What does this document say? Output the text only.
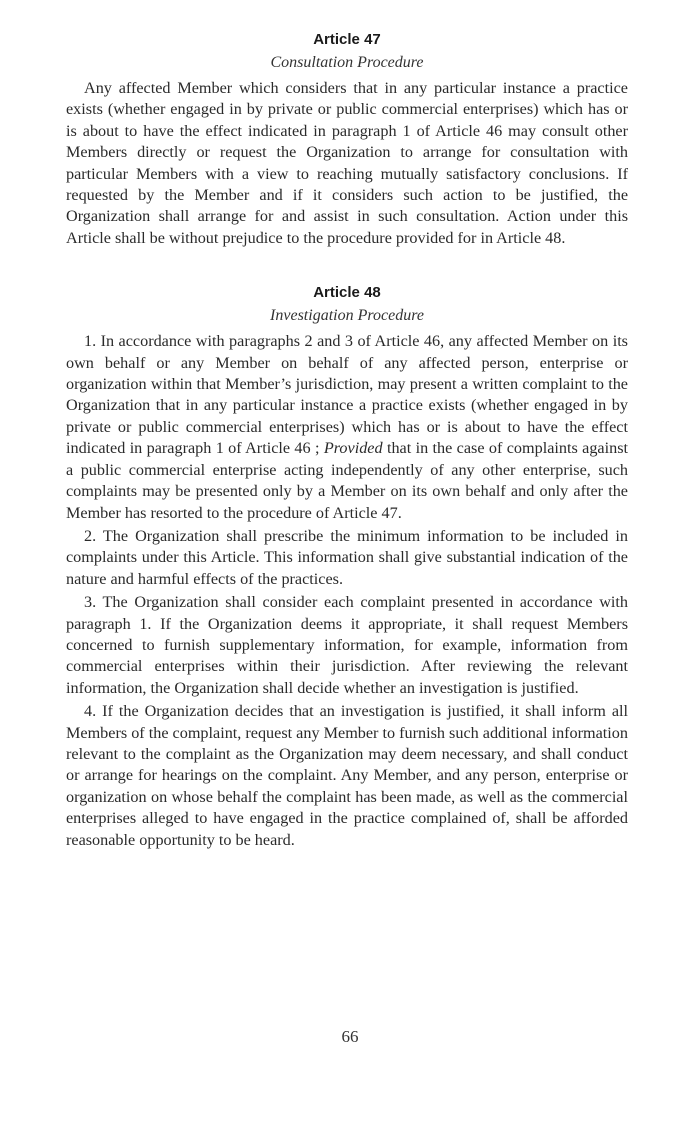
Article 47
Consultation Procedure

Any affected Member which considers that in any particular instance a practice exists (whether engaged in by private or public commercial enterprises) which has or is about to have the effect indicated in paragraph 1 of Article 46 may consult other Members directly or request the Organization to arrange for consultation with particular Members with a view to reaching mutually satisfactory conclusions. If requested by the Member and if it considers such action to be justified, the Organization shall arrange for and assist in such consultation. Action under this Article shall be without prejudice to the procedure provided for in Article 48.

Article 48
Investigation Procedure

1. In accordance with paragraphs 2 and 3 of Article 46, any affected Member on its own behalf or any Member on behalf of any affected person, enterprise or organization within that Member’s jurisdiction, may present a written complaint to the Organization that in any particular instance a practice exists (whether engaged in by private or public commercial enterprises) which has or is about to have the effect indicated in paragraph 1 of Article 46 ; Provided that in the case of complaints against a public commercial enterprise acting independently of any other enterprise, such complaints may be presented only by a Member on its own behalf and only after the Member has resorted to the procedure of Article 47.

2. The Organization shall prescribe the minimum information to be included in complaints under this Article. This information shall give substantial indication of the nature and harmful effects of the practices.

3. The Organization shall consider each complaint presented in accordance with paragraph 1. If the Organization deems it appropriate, it shall request Members concerned to furnish supplementary information, for example, information from commercial enterprises within their jurisdiction. After reviewing the relevant information, the Organization shall decide whether an investigation is justified.

4. If the Organization decides that an investigation is justified, it shall inform all Members of the complaint, request any Member to furnish such additional information relevant to the complaint as the Organization may deem necessary, and shall conduct or arrange for hearings on the complaint. Any Member, and any person, enterprise or organization on whose behalf the complaint has been made, as well as the commercial enterprises alleged to have engaged in the practice complained of, shall be afforded reasonable opportunity to be heard.

66
